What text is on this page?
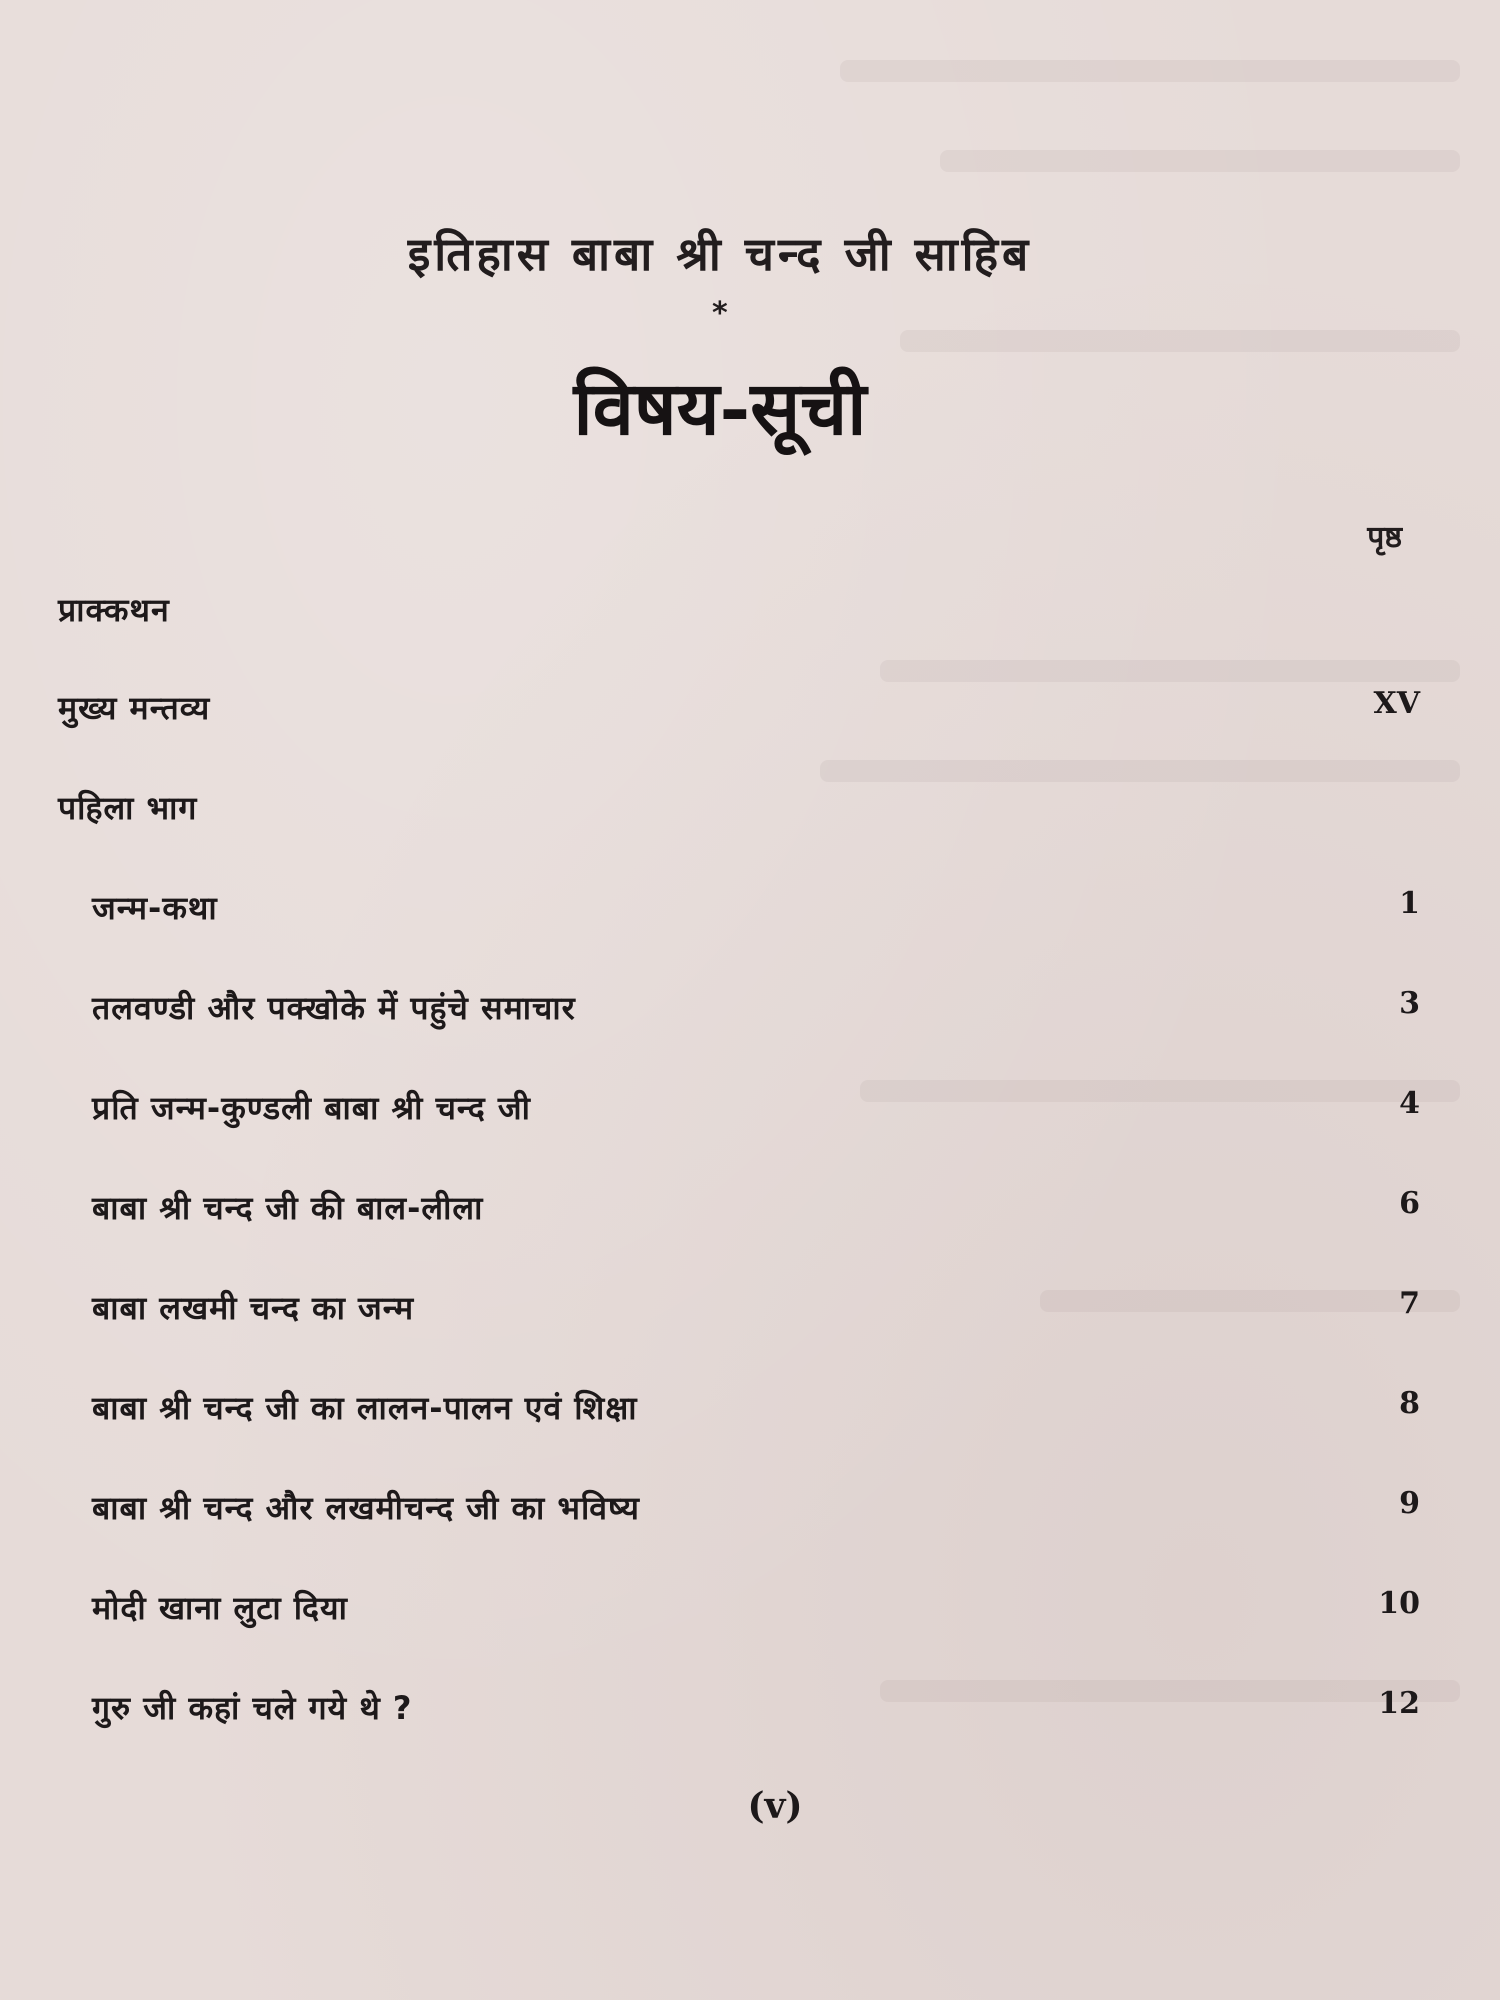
इतिहास बाबा श्री चन्द जी साहिब
*
विषय-सूची
पृष्ठ
प्राक्कथन
मुख्य मन्तव्य	XV
पहिला भाग
जन्म-कथा	1
तलवण्डी और पक्खोके में पहुंचे समाचार	3
प्रति जन्म-कुण्डली बाबा श्री चन्द जी	4
बाबा श्री चन्द जी की बाल-लीला	6
बाबा लखमी चन्द का जन्म	7
बाबा श्री चन्द जी का लालन-पालन एवं शिक्षा	8
बाबा श्री चन्द और लखमीचन्द जी का भविष्य	9
मोदी खाना लुटा दिया	10
गुरु जी कहां चले गये थे ?	12
(v)
